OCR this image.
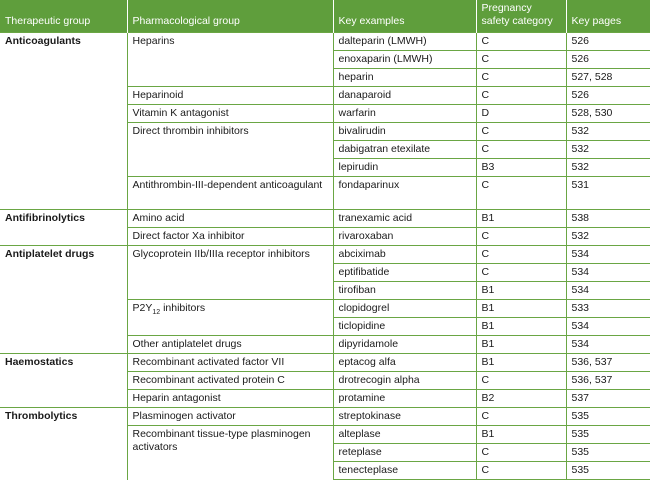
Therapeutic group	Pharmacological group	Key examples	Pregnancy safety category	Key pages
Anticoagulants	Heparins	dalteparin (LMWH)	C	526
		enoxaparin (LMWH)	C	526
		heparin	C	527, 528
	Heparinoid	danaparoid	C	526
	Vitamin K antagonist	warfarin	D	528, 530
	Direct thrombin inhibitors	bivalirudin	C	532
		dabigatran etexilate	C	532
		lepirudin	B3	532
	Antithrombin-III-dependent anticoagulant	fondaparinux	C	531
Antifibrinolytics	Amino acid	tranexamic acid	B1	538
	Direct factor Xa inhibitor	rivaroxaban	C	532
Antiplatelet drugs	Glycoprotein IIb/IIIa receptor inhibitors	abciximab	C	534
		eptifibatide	C	534
		tirofiban	B1	534
	$P2Y_{12}$ inhibitors	clopidogrel	B1	533
		ticlopidine	B1	534
	Other antiplatelet drugs	dipyridamole	B1	534
Haemostatics	Recombinant activated factor VII	eptacog alfa	B1	536, 537
	Recombinant activated protein C	drotrecogin alpha	C	536, 537
	Heparin antagonist	protamine	B2	537
Thrombolytics	Plasminogen activator	streptokinase	C	535
	Recombinant tissue-type plasminogen activators	alteplase	B1	535
		reteplase	C	535
		tenecteplase	C	535
